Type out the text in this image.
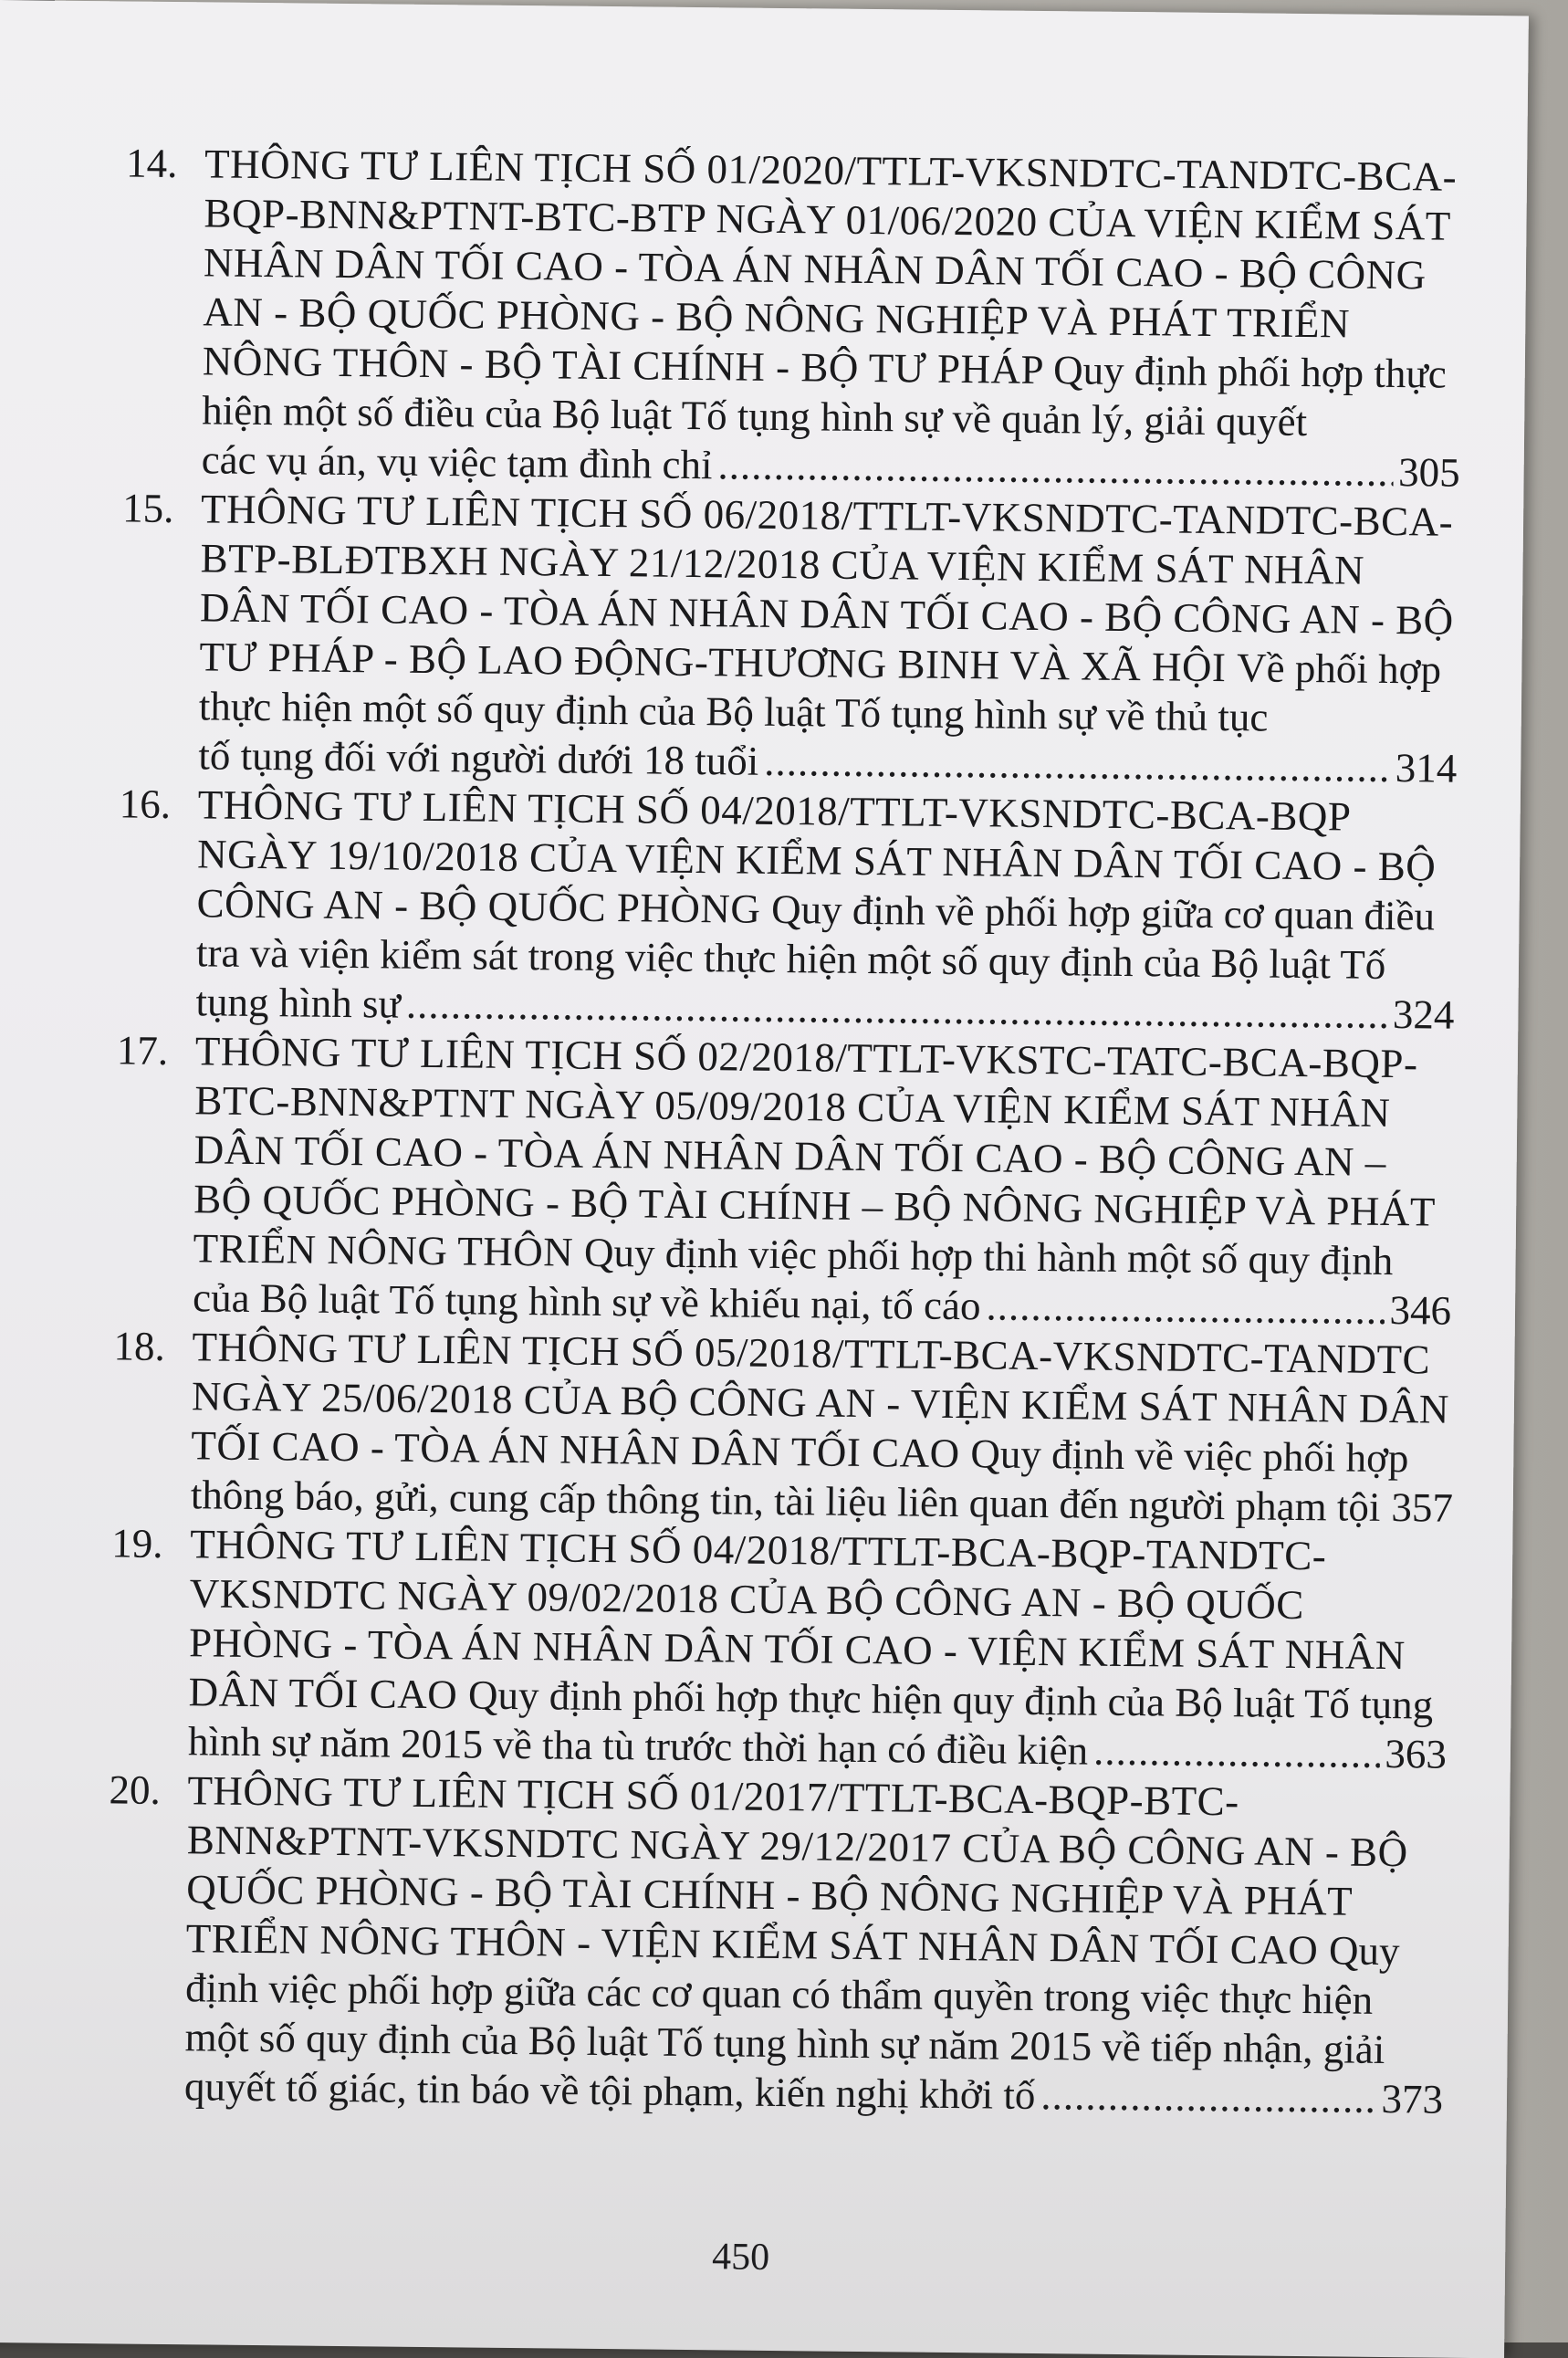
14. THÔNG TƯ LIÊN TỊCH SỐ 01/2020/TTLT-VKSNDTC-TANDTC-BCA-BQP-BNN&PTNT-BTC-BTP NGÀY 01/06/2020 CỦA VIỆN KIỂM SÁT NHÂN DÂN TỐI CAO - TÒA ÁN NHÂN DÂN TỐI CAO - BỘ CÔNG AN - BỘ QUỐC PHÒNG - BỘ NÔNG NGHIỆP VÀ PHÁT TRIỂN NÔNG THÔN - BỘ TÀI CHÍNH - BỘ TƯ PHÁP Quy định phối hợp thực hiện một số điều của Bộ luật Tố tụng hình sự về quản lý, giải quyết
các vụ án, vụ việc tạm đình chỉ .....	305
15. THÔNG TƯ LIÊN TỊCH SỐ 06/2018/TTLT-VKSNDTC-TANDTC-BCA-BTP-BLĐTBXH NGÀY 21/12/2018 CỦA VIỆN KIỂM SÁT NHÂN DÂN TỐI CAO - TÒA ÁN NHÂN DÂN TỐI CAO - BỘ CÔNG AN - BỘ TƯ PHÁP - BỘ LAO ĐỘNG-THƯƠNG BINH VÀ XÃ HỘI Về phối hợp thực hiện một số quy định của Bộ luật Tố tụng hình sự về thủ tục
tố tụng đối với người dưới 18 tuổi .....	314
16. THÔNG TƯ LIÊN TỊCH SỐ 04/2018/TTLT-VKSNDTC-BCA-BQP NGÀY 19/10/2018 CỦA VIỆN KIỂM SÁT NHÂN DÂN TỐI CAO - BỘ CÔNG AN - BỘ QUỐC PHÒNG Quy định về phối hợp giữa cơ quan điều tra và viện kiểm sát trong việc thực hiện một số quy định của Bộ luật Tố
tụng hình sự .....	324
17. THÔNG TƯ LIÊN TỊCH SỐ 02/2018/TTLT-VKSTC-TATC-BCA-BQP-BTC-BNN&PTNT NGÀY 05/09/2018 CỦA VIỆN KIỂM SÁT NHÂN DÂN TỐI CAO - TÒA ÁN NHÂN DÂN TỐI CAO - BỘ CÔNG AN – BỘ QUỐC PHÒNG - BỘ TÀI CHÍNH – BỘ NÔNG NGHIỆP VÀ PHÁT TRIỂN NÔNG THÔN Quy định việc phối hợp thi hành một số quy định
của Bộ luật Tố tụng hình sự về khiếu nại, tố cáo .....	346
18. THÔNG TƯ LIÊN TỊCH SỐ 05/2018/TTLT-BCA-VKSNDTC-TANDTC NGÀY 25/06/2018 CỦA BỘ CÔNG AN - VIỆN KIỂM SÁT NHÂN DÂN TỐI CAO - TÒA ÁN NHÂN DÂN TỐI CAO Quy định về việc phối hợp
thông báo, gửi, cung cấp thông tin, tài liệu liên quan đến người phạm tội ..... 357
19. THÔNG TƯ LIÊN TỊCH SỐ 04/2018/TTLT-BCA-BQP-TANDTC-VKSNDTC NGÀY 09/02/2018 CỦA BỘ CÔNG AN - BỘ QUỐC PHÒNG - TÒA ÁN NHÂN DÂN TỐI CAO - VIỆN KIỂM SÁT NHÂN DÂN TỐI CAO Quy định phối hợp thực hiện quy định của Bộ luật Tố tụng
hình sự năm 2015 về tha tù trước thời hạn có điều kiện .....	363
20. THÔNG TƯ LIÊN TỊCH SỐ 01/2017/TTLT-BCA-BQP-BTC-BNN&PTNT-VKSNDTC NGÀY 29/12/2017 CỦA BỘ CÔNG AN - BỘ QUỐC PHÒNG - BỘ TÀI CHÍNH - BỘ NÔNG NGHIỆP VÀ PHÁT TRIỂN NÔNG THÔN - VIỆN KIỂM SÁT NHÂN DÂN TỐI CAO Quy định việc phối hợp giữa các cơ quan có thẩm quyền trong việc thực hiện một số quy định của Bộ luật Tố tụng hình sự năm 2015 về tiếp nhận, giải
quyết tố giác, tin báo về tội phạm, kiến nghị khởi tố .....	373
450
